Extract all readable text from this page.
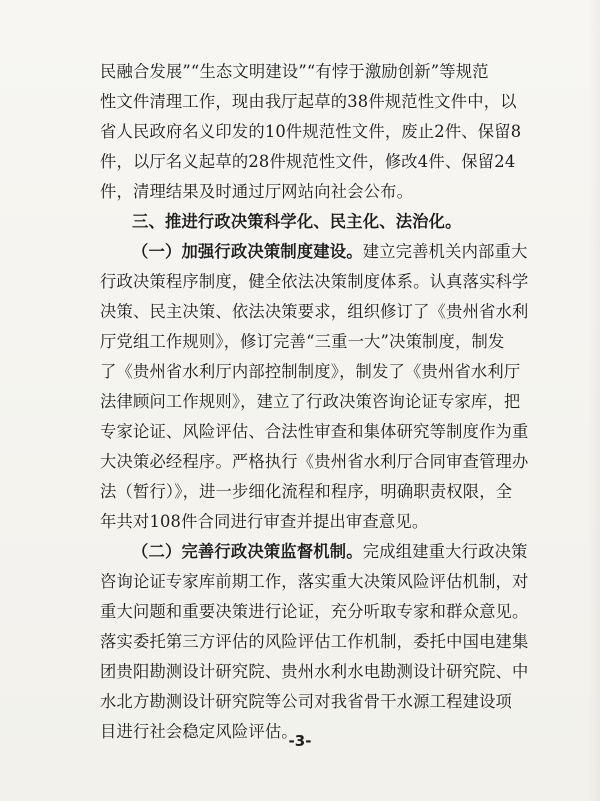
民融合发展”“生态文明建设”“有悖于激励创新”等规范
性文件清理工作，现由我厅起草的38件规范性文件中，以
省人民政府名义印发的10件规范性文件，废止2件、保留8
件，以厅名义起草的28件规范性文件，修改4件、保留24
件，清理结果及时通过厅网站向社会公布。
三、推进行政决策科学化、民主化、法治化。
（一）加强行政决策制度建设。建立完善机关内部重大
行政决策程序制度，健全依法决策制度体系。认真落实科学
决策、民主决策、依法决策要求，组织修订了《贵州省水利
厅党组工作规则》，修订完善“三重一大”决策制度，制发
了《贵州省水利厅内部控制制度》，制发了《贵州省水利厅
法律顾问工作规则》，建立了行政决策咨询论证专家库，把
专家论证、风险评估、合法性审查和集体研究等制度作为重
大决策必经程序。严格执行《贵州省水利厅合同审查管理办
法（暂行）》，进一步细化流程和程序，明确职责权限，全
年共对108件合同进行审查并提出审查意见。
（二）完善行政决策监督机制。完成组建重大行政决策
咨询论证专家库前期工作，落实重大决策风险评估机制，对
重大问题和重要决策进行论证，充分听取专家和群众意见。
落实委托第三方评估的风险评估工作机制，委托中国电建集
团贵阳勘测设计研究院、贵州水利水电勘测设计研究院、中
水北方勘测设计研究院等公司对我省骨干水源工程建设项
目进行社会稳定风险评估。
-3-
